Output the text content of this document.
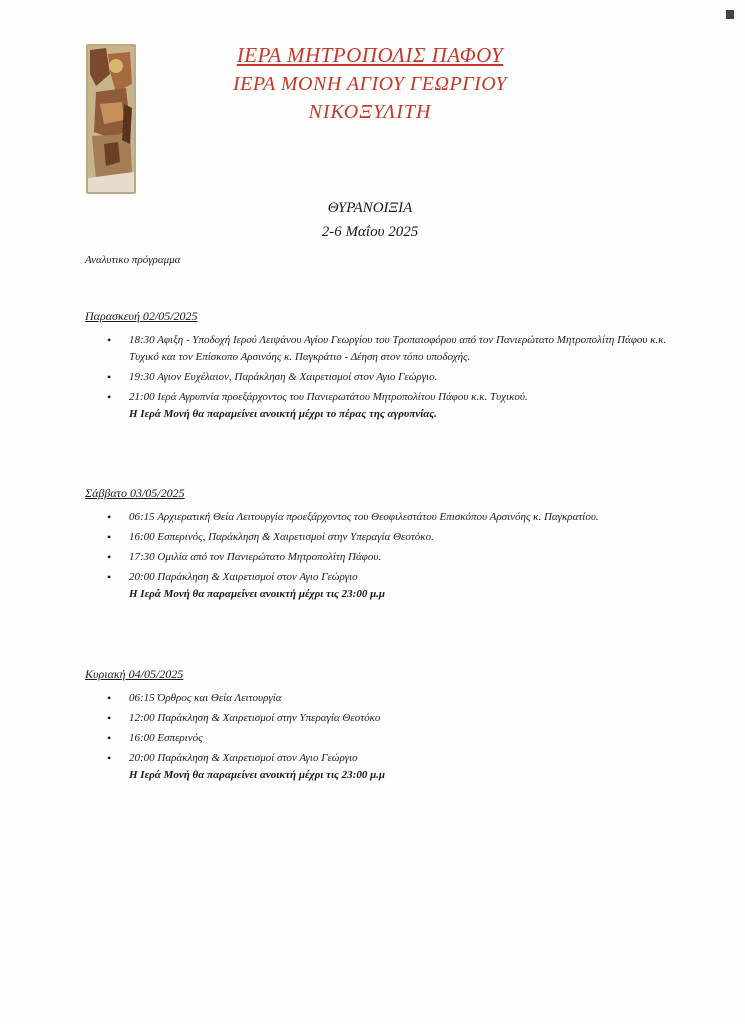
ΙΕΡΑ ΜΗΤΡΟΠΟΛΙΣ ΠΑΦΟΥ
ΙΕΡΑ ΜΟΝΗ ΑΓΙΟΥ ΓΕΩΡΓΙΟΥ
ΝΙΚΟΞΥΛΙΤΗ
ΘΥΡΑΝΟΙΞΙΑ
2-6 Μαΐου 2025
Αναλυτικο πρόγραμμα
Παρασκευή 02/05/2025
• 18:30 Αφιξη - Υποδοχή Ιερού Λειψάνου Αγίου Γεωργίου του Τροπαιοφόρου από τον Πανιερώτατο Μητροπολίτη Πάφου κ.κ. Τυχικό και τον Επίσκοπο Αρσινόης κ. Παγκράτιο - Δέηση στον τόπο υποδοχής.
• 19:30 Αγιον Ευχέλαιον, Παράκληση & Χαιρετισμοί στον Αγιο Γεώργιο.
• 21:00 Ιερά Αγρυπνία προεξάρχοντος του Πανιερωτάτου Μητροπολίτου Πάφου κ.κ. Τυχικού.
Η Ιερά Μονή θα παραμείνει ανοικτή μέχρι το πέρας της αγρυπνίας.
Σάββατο 03/05/2025
• 06:15 Αρχιερατική Θεία Λειτουργία προεξάρχοντος του Θεοφιλεστάτου Επισκόπου Αρσινόης κ. Παγκρατίου.
• 16:00 Εσπερινός, Παράκληση & Χαιρετισμοί στην Υπεραγία Θεοτόκο.
• 17:30 Ομιλία από τον Πανιερώτατο Μητροπολίτη Πάφου.
• 20:00 Παράκληση & Χαιρετισμοί στον Αγιο Γεώργιο
Η Ιερά Μονή θα παραμείνει ανοικτή μέχρι τις 23:00 μ.μ
Κυριακή 04/05/2025
• 06:15 Όρθρος και Θεία Λειτουργία
• 12:00 Παράκληση & Χαιρετισμοί στην Υπεραγία Θεοτόκο
• 16:00 Εσπερινός
• 20:00 Παράκληση & Χαιρετισμοί στον Αγιο Γεώργιο
Η Ιερά Μονή θα παραμείνει ανοικτή μέχρι τις 23:00 μ.μ
